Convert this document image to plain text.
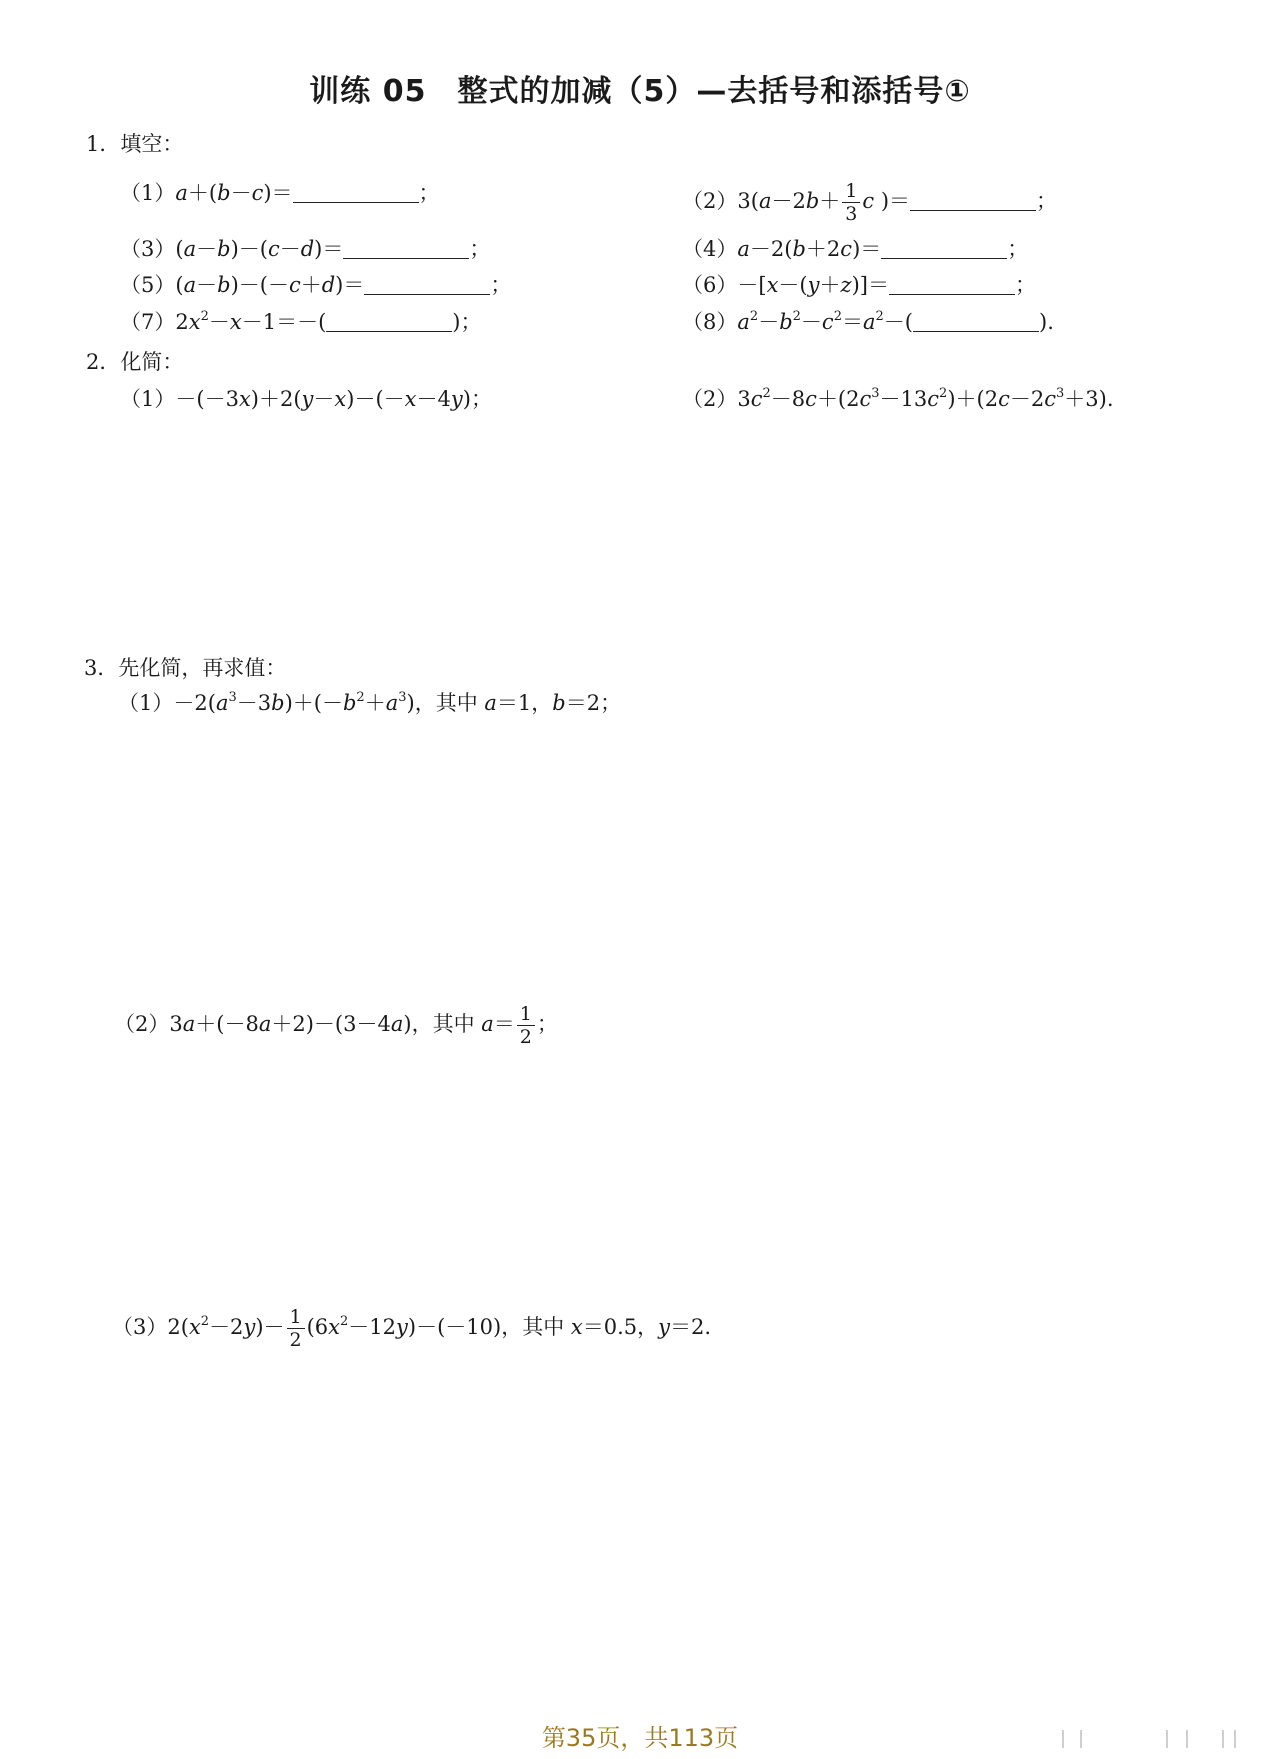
训练 05　整式的加减（5）—去括号和添括号①
1．填空：
（1）a＋(b－c)＝	；	$(2)3(a-2b+ \frac{1}{3}$ c )＝	；
（3）(a－b)－(c－d)＝	；	（4）a－2(b＋2c)＝	；
（5）(a－b)－(－c＋d)＝	；	（6）－[x－(y＋z)]＝	；
$(7)2x^2-x-1=-$(	)；	$(8)a^2-b^2-c^2=a^2-$(	).
2．化简：
（1）－(－3x)＋2(y－x)－(－x－4y)；	$(2)3c^2-8c+(2c^3-13c^2)+(2c-2c^3+3)$.
3．先化简，再求值：
$(1)-2(a^3-3b)+(-b^2+a^3)$，其中 a＝1，b＝2；
（2）3a＋(－8a＋2)－(3－4a)，其中 $a= \frac{1}{2}$ ；
$(3)2(x^2-2y)- \frac{1}{2} (6x^2-12y)-(-10)$，其中 x＝0.5，y＝2.
第35页，共113页
